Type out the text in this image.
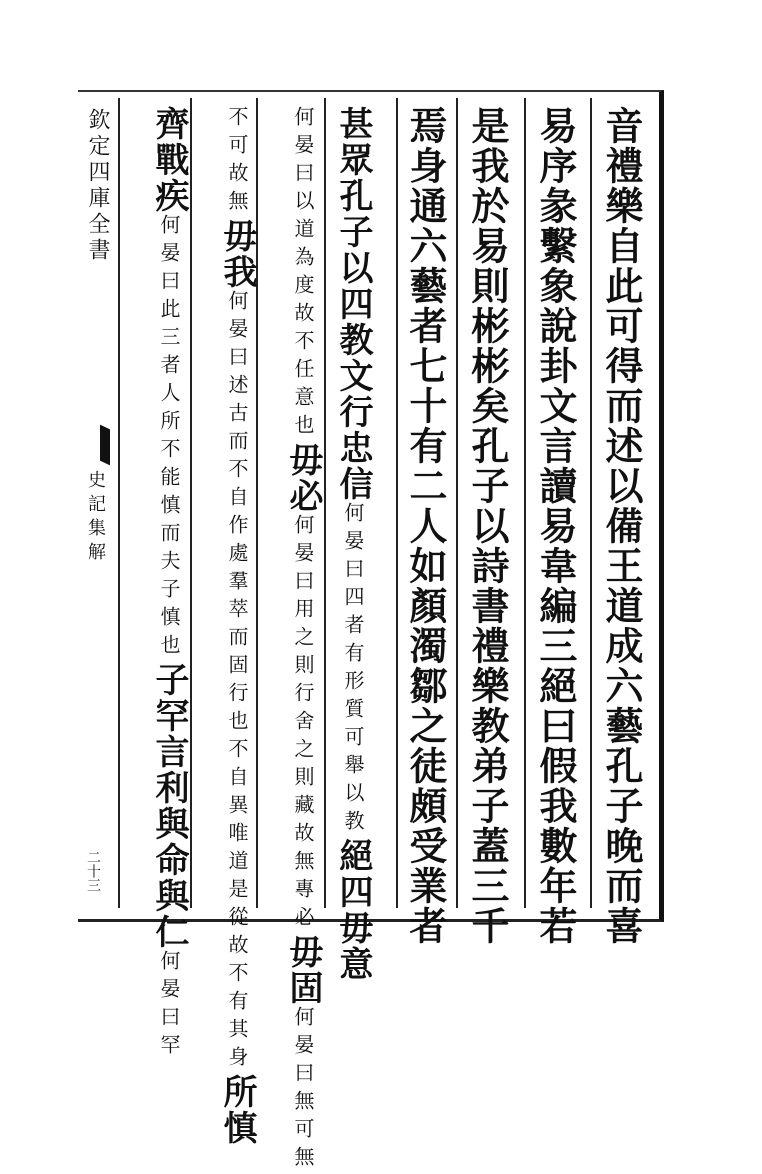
欽定四庫全書
史記集解
二十三	音禮樂自此可得而述以備王道成六藝孔子晚而喜
易序彖繫象說卦文言讀易韋編三絕曰假我數年若
是我於易則彬彬矣孔子以詩書禮樂教弟子蓋三千
焉身通六藝者七十有二人如顏濁鄒之徒頗受業者
甚眾孔子以四教文行忠信何晏曰四者有形質可舉以教絕四毋意
何晏曰以道為度故不任意也毋必何晏曰用之則行舍之則藏故無專必毋固何晏曰無可無
不可故無毋我何晏曰述古而不自作處羣萃而固行也不自異唯道是從故不有其身所慎
齊戰疾何晏曰此三者人所不能慎而夫子慎也子罕言利與命與仁何晏曰罕
